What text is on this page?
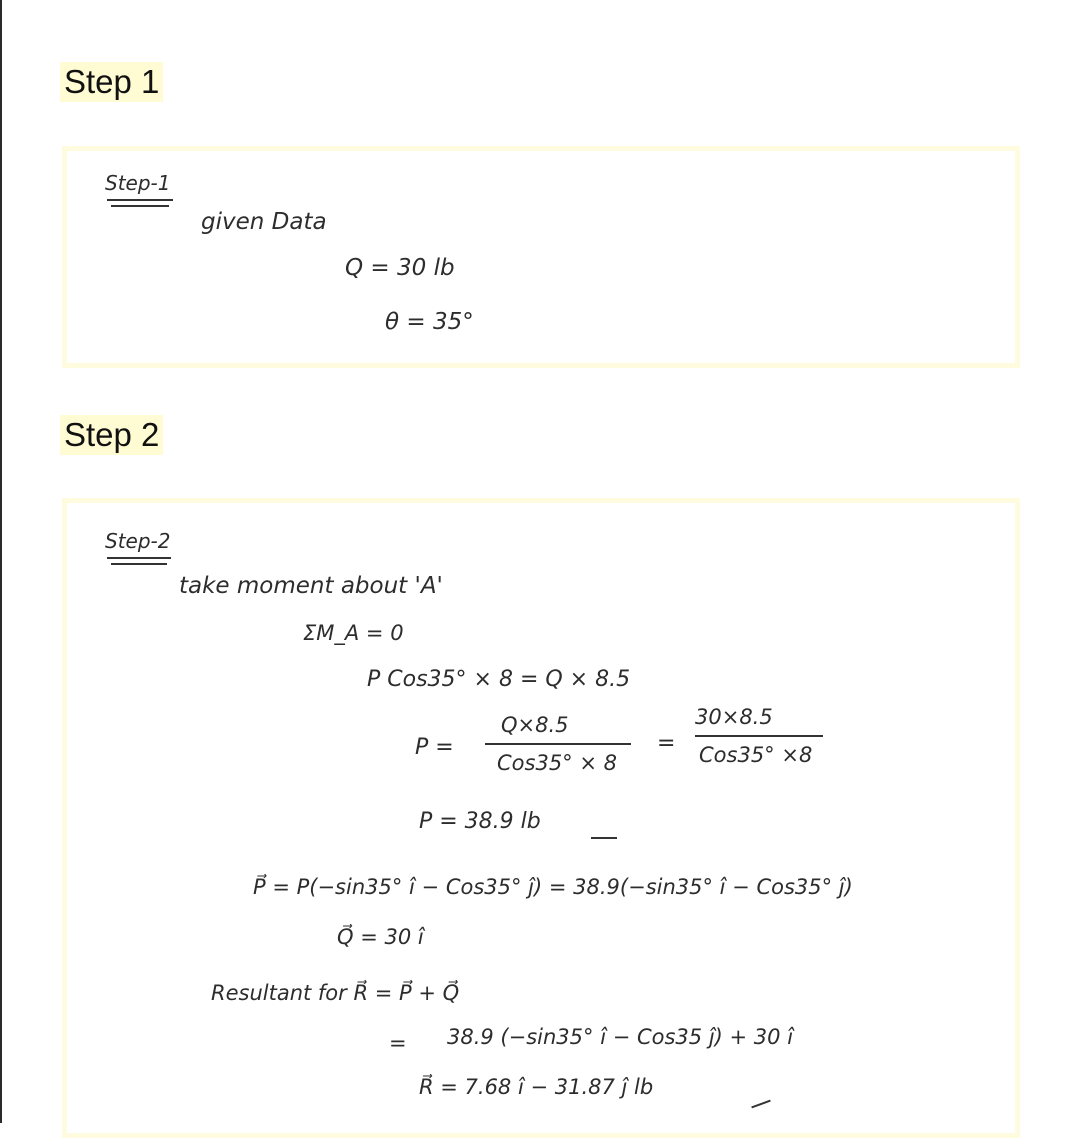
Step 1
Step-1
given Data
Q = 30 lb
θ = 35°
Step 2
Step-2
take moment about 'A'
ΣM_A = 0
P Cos35° × 8 = Q × 8.5
P =
Q×8.5
Cos35° × 8
=
30×8.5
Cos35° ×8
P = 38.9 lb
P⃗ = P(−sin35° î − Cos35° ĵ) = 38.9(−sin35° î − Cos35° ĵ)
Q⃗ = 30 î
Resultant for R⃗ = P⃗ + Q⃗
= 38.9 (−sin35° î − Cos35 ĵ) + 30 î
R⃗ = 7.68 î − 31.87 ĵ lb
